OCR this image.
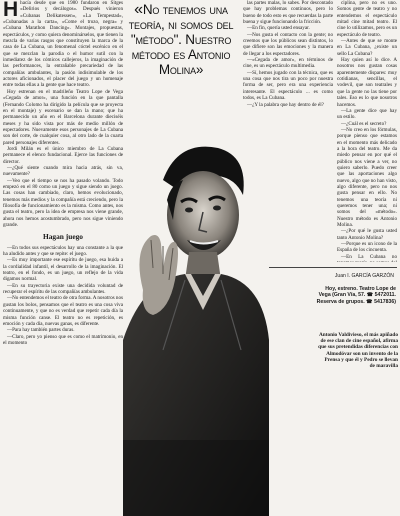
H hacía desde que en 1980 fundaron en Sitges «Delirios y decálogos». Después vinieron «Cubanas Delikatessen», «La Tempestad», «Cubanadas a la carta», «Come el trozo, negra» y «Cubana Marathon Dancing». Montajes, propuestas, espectáculos, y como quiera denominárselos, que tienen la mezcla de varias rasgos que constituyen la marca de la casa de La Cubana, un fenomenal cóctel escénico en el que se mezclan la parodia o el humor sutil con la inmediatez de los cómicos callejeros, la imaginación de las performances, la entrañable precariedad de las compañías ambulantes, la pasión indisimulable de los actores aficionados, el placer del juego y un homenaje entre todas ellas a la gente que hace teatro.

Hoy estrenan en el madrileño Teatro Lope de Vega «Cegada de amor», una función en la que pantalla (Fernando Colomo ha dirigido la película que se proyecta en el montaje) y escenario se dan la mano; que ha permanecido un año en el Barcelona durante dieciséis meses y ha sido vista por más de medio millón de espectadores. Nuevamente esos personajes de La Cubana son del corte, de cualquier cosa, al otro lado de la cuarta pared personajes diferentes.

Jordi Milán es el único miembro de La Cubana permanece el elenco fundacional. Ejerce las funciones de director.

—¿Qué siente cuando mira hacia atrás, sin va, nuevamente?

—Veo que el tiempo se nos ha pasado volando. Todo empezó en el 80 como un juego y sigue siendo un juego. Las cosas han cambiado, claro, hemos evolucionado, tenemos más medios y la compañía está creciendo, pero la filosofía de funcionamiento es la misma. Como antes, nos gusta el teatro, pero la idea de empresa nos viene grande, ahora nos hemos acostumbrado, pero nos sigue viniendo grande.

Hagan juego

—En todos sus espectáculos hay una constante a la que ha aludido antes y que se repite: el juego.

—Es muy importante ese espíritu de juego, esa huida a la cordialidad infantil, el desarrollo de la imaginación. El teatro, en el fondo, es un juego, un reflejo de la vida digamos normal.

—En su trayectoria existe una decidida voluntad de recuperar el espíritu de las compañías ambulantes.

—No entendemos el teatro de otra forma. A nosotros nos gustan los bolos, pensamos que el teatro es una cosa viva continuamente, y que no es verdad que repetir cada día la misma función canse. El teatro no es repetición, es emoción y cada día, nuevas ganas, es diferente.

—Para hay también partes duras.

—Claro, pero yo pienso que es como el matrimonio, en el momento

«No tenemos una teoría, ni somos del "método". Nuestro método es Antonio Molina»

las partes malas, lo sabes. Por descontado que hay problemas continuos, pero lo bueno de todo esto es que recuerdas la parte buena y sigue funcionando la fricción.

—En fin, quería usted ensayar.

—Nos gusta el contacto con la gente; no creemos que los públicos sean distintos, lo que difiere son las emociones y la manera de llegar a los espectadores.

—«Cegada de amor», en términos de cine, es un espectáculo multimedia.

—Sí, hemos jugado con la técnica, que es una cosa que nos tira un poco por nuestra forma de ser, pero era una experiencia interesante. El espectáculo ... es como todos, es La Cubana.

—¿Y la palabra que hay dentro de él?

ciplina, pero no es uno. Somos gente de teatro y no entendemos el espectáculo mitad cine mitad teatro. El cine lo utilizamos, pero es un espectáculo de teatro.

—Antes de que se monte en La Cubana, ¿existe un sello La Cubana?

Hay quien así lo dice. A nosotros nos gustan cosas aparentemente dispares: muy cotidianas, sencillas, el vodevil, que son teatrales y que la gente no las tiene por tales. Eso es lo que nosotros hacemos.

—La gente dice que hay un estilo.

—¿Cuál es el secreto?

—No creo en los fórmulas, porque pienso que estamos en el momento más delicado a la hora del teatro. Me da miedo pensar en por qué el público nos viene a ver, no quiero saberlo. Puedo creer que las aportaciones algo nuevo, algo que no han visto, algo diferente, pero no nos gusta pensar en ello. No tenemos una teoría ni queremos tener una; ni somos del «método». Nuestro método es Antonio Molina.

—¿Por qué le gusta usted tanto Antonio Molina?

—Porque es un icono de la España de los cincuenta.

—En La Cubana no

Juan I. GARCÍA GARZÓN
Hoy, estreno. Teatro Lope de
Vega (Gran Vía, 57. ☎ 5472011.
Reserva de grupos. ☎ 5417836)
Antonio Valdivieso, el más apiñado de ese clan de cine español, afirma que sus pretendidas diferencias con Almodóvar son un invento de la Prensa y que él y Pedro se llevan de maravilla
